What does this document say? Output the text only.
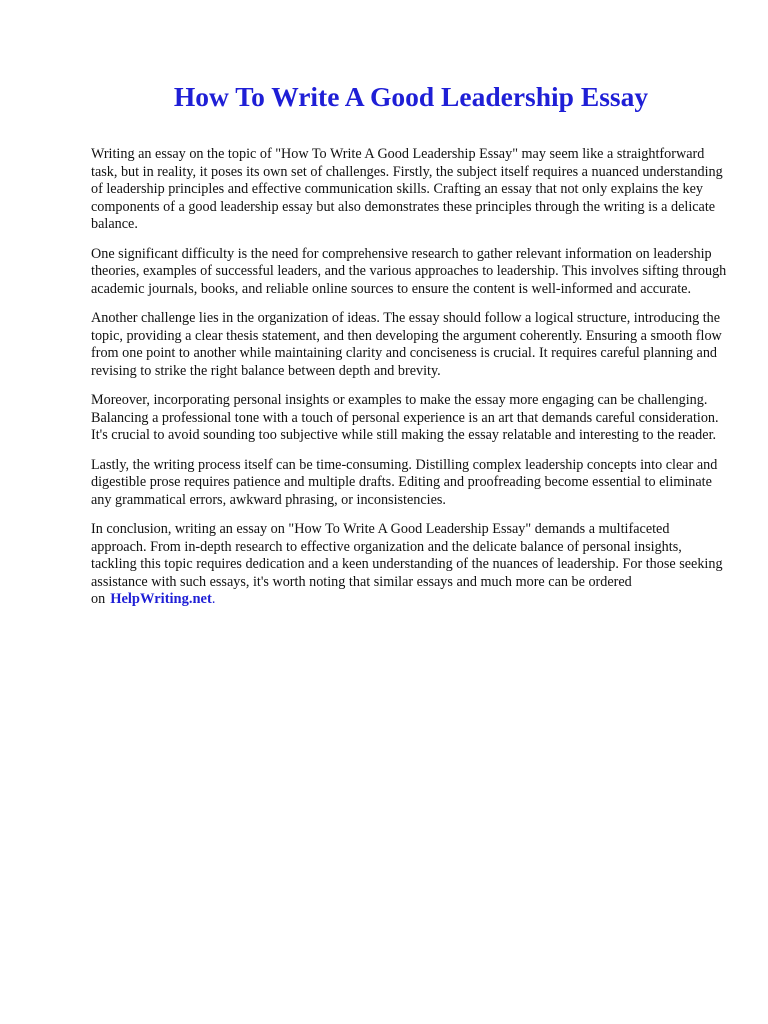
How To Write A Good Leadership Essay

Writing an essay on the topic of "How To Write A Good Leadership Essay" may seem like a straightforward task, but in reality, it poses its own set of challenges. Firstly, the subject itself requires a nuanced understanding of leadership principles and effective communication skills. Crafting an essay that not only explains the key components of a good leadership essay but also demonstrates these principles through the writing is a delicate balance.

One significant difficulty is the need for comprehensive research to gather relevant information on leadership theories, examples of successful leaders, and the various approaches to leadership. This involves sifting through academic journals, books, and reliable online sources to ensure the content is well-informed and accurate.

Another challenge lies in the organization of ideas. The essay should follow a logical structure, introducing the topic, providing a clear thesis statement, and then developing the argument coherently. Ensuring a smooth flow from one point to another while maintaining clarity and conciseness is crucial. It requires careful planning and revising to strike the right balance between depth and brevity.

Moreover, incorporating personal insights or examples to make the essay more engaging can be challenging. Balancing a professional tone with a touch of personal experience is an art that demands careful consideration. It's crucial to avoid sounding too subjective while still making the essay relatable and interesting to the reader.

Lastly, the writing process itself can be time-consuming. Distilling complex leadership concepts into clear and digestible prose requires patience and multiple drafts. Editing and proofreading become essential to eliminate any grammatical errors, awkward phrasing, or inconsistencies.

In conclusion, writing an essay on "How To Write A Good Leadership Essay" demands a multifaceted approach. From in-depth research to effective organization and the delicate balance of personal insights, tackling this topic requires dedication and a keen understanding of the nuances of leadership. For those seeking assistance with such essays, it's worth noting that similar essays and much more can be ordered on HelpWriting.net.
